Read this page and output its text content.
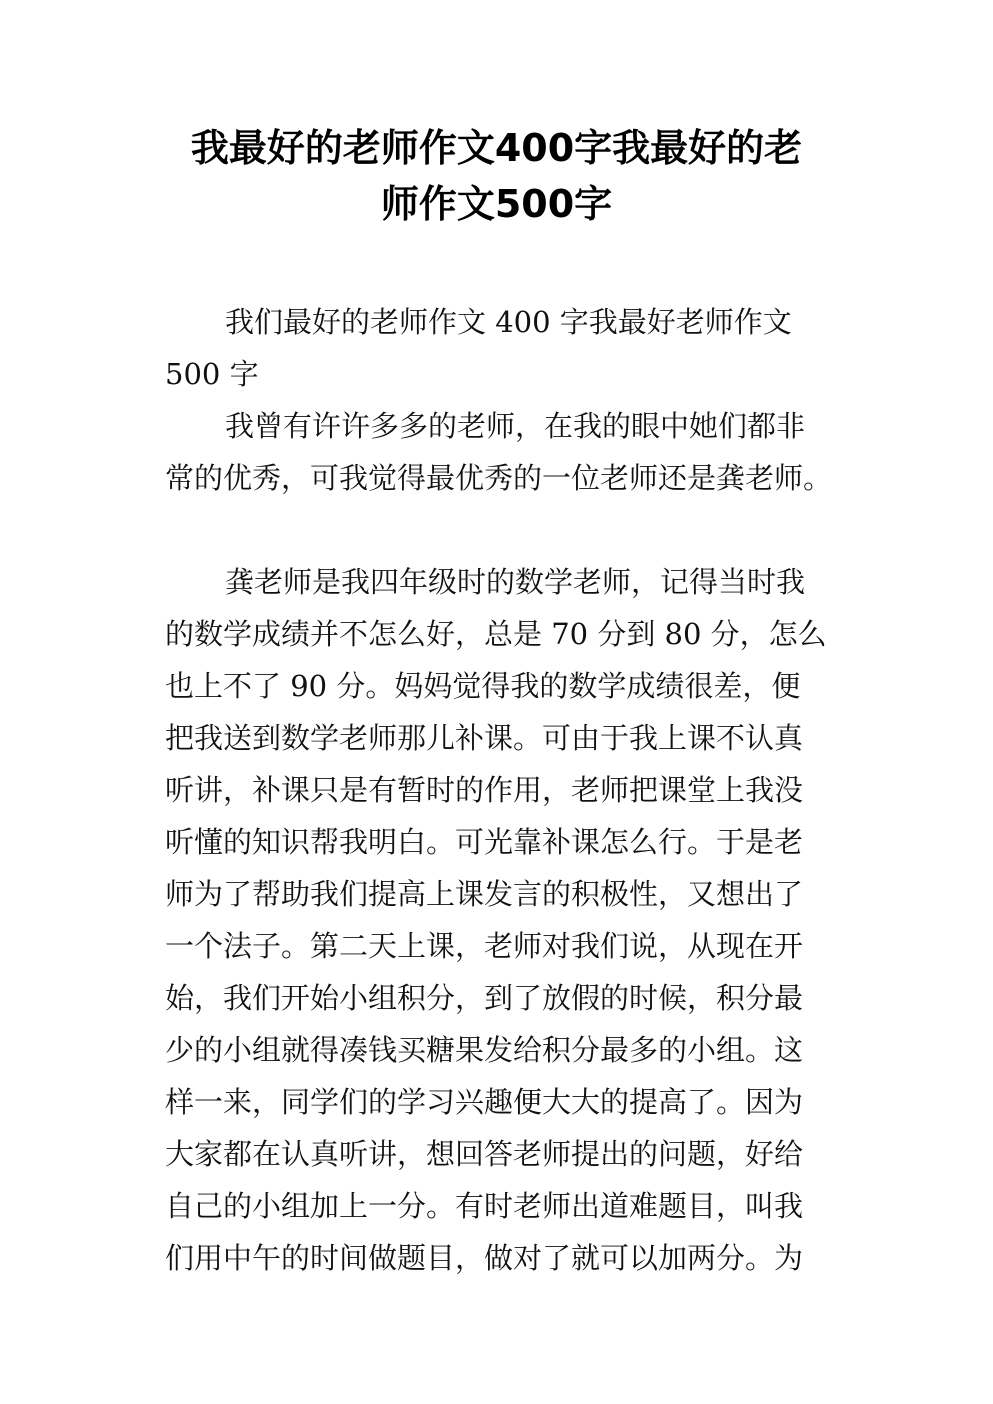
我最好的老师作文400字我最好的老
师作文500字
我们最好的老师作文 400 字我最好老师作文
500 字
我曾有许许多多的老师，在我的眼中她们都非
常的优秀，可我觉得最优秀的一位老师还是龚老师。
龚老师是我四年级时的数学老师，记得当时我
的数学成绩并不怎么好，总是 70 分到 80 分，怎么
也上不了 90 分。妈妈觉得我的数学成绩很差，便
把我送到数学老师那儿补课。可由于我上课不认真
听讲，补课只是有暂时的作用，老师把课堂上我没
听懂的知识帮我明白。可光靠补课怎么行。于是老
师为了帮助我们提高上课发言的积极性，又想出了
一个法子。第二天上课，老师对我们说，从现在开
始，我们开始小组积分，到了放假的时候，积分最
少的小组就得凑钱买糖果发给积分最多的小组。这
样一来，同学们的学习兴趣便大大的提高了。因为
大家都在认真听讲，想回答老师提出的问题，好给
自己的小组加上一分。有时老师出道难题目，叫我
们用中午的时间做题目，做对了就可以加两分。为
